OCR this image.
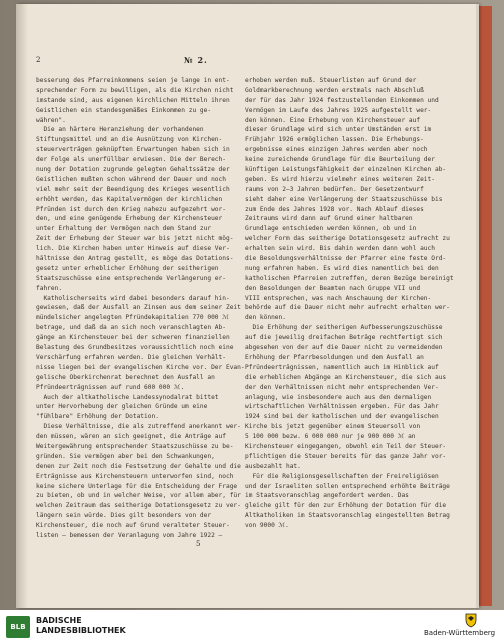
2	№ 2.
besserung des Pfarreinkommens seien je lange in ent-
sprechender Form zu bewilligen, als die Kirchen nicht
imstande sind, aus eigenen kirchlichen Mitteln ihren
Geistlichen ein standesgemäßes Einkommen zu ge-
währen".
Die an härtere Heranziehung der vorhandenen
Stiftungsmittel und an die Ausnützung von Kirchen-
steuerverträgen geknüpften Erwartungen haben sich in
der Folge als unerfüllbar erwiesen. Die der Berech-
nung der Dotation zugrunde gelegten Gehaltssätze der
Geistlichen mußten schon während der Dauer und noch
viel mehr seit der Beendigung des Krieges wesentlich
erhöht werden, das Kapitalvermögen der kirchlichen
Pfründen ist durch den Krieg nahezu aufgezehrt wor-
den, und eine genügende Erhebung der Kirchensteuer
unter Erhaltung der Vermögen nach dem Stand zur
Zeit der Erhebung der Steuer war bis jetzt nicht mög-
lich. Die Kirchen haben unter Hinweis auf diese Ver-
hältnisse den Antrag gestellt, es möge das Dotations-
gesetz unter erheblicher Erhöhung der seitherigen
Staatszuschüsse eine entsprechende Verlängerung er-
fahren.
Katholischerseits wird dabei besonders darauf hin-
gewiesen, daß der Ausfall an Zinsen aus dem seiner Zeit
mündelsicher angelegten Pfründekapitalien 770 000 ℳ
betrage, und daß da an sich noch veranschlagten Ab-
gänge an Kirchensteuer bei der schweren finanziellen
Belastung des Grundbesitzes voraussichtlich noch eine
Verschärfung erfahren werden. Die gleichen Verhält-
nisse liegen bei der evangelischen Kirche vor. Der Evan-
gelische Oberkirchenrat berechnet den Ausfall an
Pfründeerträgnissen auf rund 600 000 ℳ.
Auch der altkatholische Landessynodalrat bittet
unter Hervorhebung der gleichen Gründe um eine
"fühlbare" Erhöhung der Dotation.
Diese Verhältnisse, die als zutreffend anerkannt wer-
den müssen, wären an sich geeignet, die Anträge auf
Weitergewährung entsprechender Staatszuschüsse zu be-
gründen. Sie vermögen aber bei den Schwankungen,
denen zur Zeit noch die Festsetzung der Gehalte und die
Erträgnisse aus Kirchensteuern unterworfen sind, noch
keine sichere Unterlage für die Entscheidung der Frage
zu bieten, ob und in welcher Weise, vor allem aber, für
welchen Zeitraum das seitherige Dotationsgesetz zu ver-
längern sein würde. Dies gilt besonders von der
Kirchensteuer, die noch auf Grund veralteter Steuer-
listen — bemessen der Veranlagung vom Jahre 1922 —
erhoben werden muß. Steuerlisten auf Grund der
Goldmarkberechnung werden erstmals nach Abschluß
der für das Jahr 1924 festzustellenden Einkommen und
Vermögen im Laufe des Jahres 1925 aufgestellt wer-
den können. Eine Erhebung von Kirchensteuer auf
dieser Grundlage wird sich unter Umständen erst im
Frühjahr 1926 ermöglichen lassen. Die Erhebungs-
ergebnisse eines einzigen Jahres werden aber noch
keine zureichende Grundlage für die Beurteilung der
künftigen Leistungsfähigkeit der einzelnen Kirchen ab-
geben. Es wird hierzu vielmehr eines weiteren Zeit-
raums von 2—3 Jahren bedürfen. Der Gesetzentwurf
sieht daher eine Verlängerung der Staatszuschüsse bis
zum Ende des Jahres 1928 vor. Nach Ablauf dieses
Zeitraums wird dann auf Grund einer haltbaren
Grundlage entschieden werden können, ob und in
welcher Form das seitherige Dotationsgesetz aufrecht zu
erhalten sein wird. Bis dahin werden dann wohl auch
die Besoldungsverhältnisse der Pfarrer eine feste Ord-
nung erfahren haben. Es wird dies namentlich bei den
katholischen Pfarreien zutreffen, deren Bezüge bereinigt
den Besoldungen der Beamten nach Gruppe VII und
VIII entsprechen, was nach Anschauung der Kirchen-
behörde auf die Dauer nicht mehr aufrecht erhalten wer-
den können.
Die Erhöhung der seitherigen Aufbesserungszuschüsse
auf die jeweilig dreifachen Beträge rechtfertigt sich
abgesehen von der auf die Dauer nicht zu vermeidenden
Erhöhung der Pfarrbesoldungen und dem Ausfall an
Pfründeerträgnissen, namentlich auch im Hinblick auf
die erheblichen Abgänge an Kirchensteuer, die sich aus
der den Verhältnissen nicht mehr entsprechenden Ver-
anlagung, wie insbesondere auch aus den dermaligen
wirtschaftlichen Verhältnissen ergeben. Für das Jahr
1924 sind bei der katholischen und der evangelischen
Kirche bis jetzt gegenüber einem Steuersoll von
5 100 000 bezw. 6 000 000 nur je 900 000 ℳ an
Kirchensteuer eingegangen, obwohl ein Teil der Steuer-
pflichtigen die Steuer bereits für das ganze Jahr vor-
ausbezahlt hat.
Für die Religionsgesellschaften der Freireligiösen
und der Israeliten sollen entsprechend erhöhte Beiträge
im Staatsvoranschlag angefordert werden. Das
gleiche gilt für den zur Erhöhung der Dotation für die
Altkatholiken im Staatsvoranschlag eingestellten Betrag
von 9000 ℳ.
5
BLB
BADISCHE
LANDESBIBLIOTHEK	Baden-Württemberg
